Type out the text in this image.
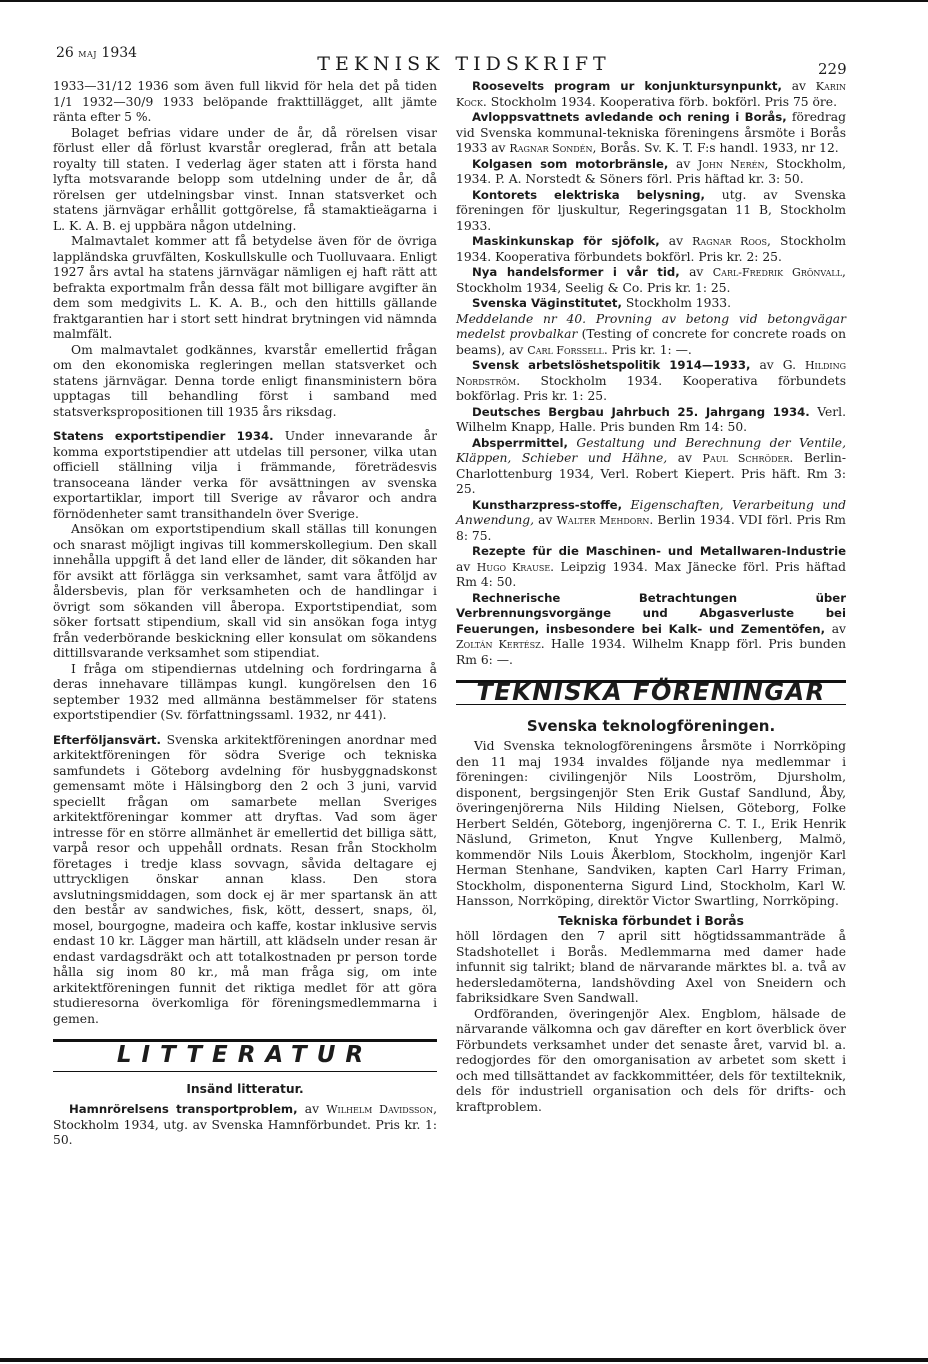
26 maj 1934	TEKNISK TIDSKRIFT	229

1933—31/12 1936 som även full likvid för hela det på tiden 1/1 1932—30/9 1933 belöpande frakttillägget, allt jämte ränta efter 5 %.

Bolaget befrias vidare under de år, då rörelsen visar förlust eller då förlust kvarstår oreglerad, från att betala royalty till staten. I vederlag äger staten att i första hand lyfta motsvarande belopp som utdelning under de år, då rörelsen ger utdelningsbar vinst. Innan statsverket och statens järnvägar erhållit gottgörelse, få stamaktieägarna i L. K. A. B. ej uppbära någon utdelning.

Malmavtalet kommer att få betydelse även för de övriga lappländska gruvfälten, Koskullskulle och Tuolluvaara. Enligt 1927 års avtal ha statens järnvägar nämligen ej haft rätt att befrakta exportmalm från dessa fält mot billigare avgifter än dem som medgivits L. K. A. B., och den hittills gällande fraktgarantien har i stort sett hindrat brytningen vid nämnda malmfält.

Om malmavtalet godkännes, kvarstår emellertid frågan om den ekonomiska regleringen mellan statsverket och statens järnvägar. Denna torde enligt finansministern böra upptagas till behandling först i samband med statsverkspropositionen till 1935 års riksdag.

Statens exportstipendier 1934. Under innevarande år komma exportstipendier att utdelas till personer, vilka utan officiell ställning vilja i främmande, företrädesvis transoceana länder verka för avsättningen av svenska exportartiklar, import till Sverige av råvaror och andra förnödenheter samt transithandeln över Sverige.

Ansökan om exportstipendium skall ställas till konungen och snarast möjligt ingivas till kommerskollegium. Den skall innehålla uppgift å det land eller de länder, dit sökanden har för avsikt att förlägga sin verksamhet, samt vara åtföljd av åldersbevis, plan för verksamheten och de handlingar i övrigt som sökanden vill åberopa. Exportstipendiat, som söker fortsatt stipendium, skall vid sin ansökan foga intyg från vederbörande beskickning eller konsulat om sökandens dittillsvarande verksamhet som stipendiat.

I fråga om stipendiernas utdelning och fordringarna å deras innehavare tillämpas kungl. kungörelsen den 16 september 1932 med allmänna bestämmelser för statens exportstipendier (Sv. författningssaml. 1932, nr 441).

Efterföljansvärt. Svenska arkitektföreningen anordnar med arkitektföreningen för södra Sverige och tekniska samfundets i Göteborg avdelning för husbyggnadskonst gemensamt möte i Hälsingborg den 2 och 3 juni, varvid speciellt frågan om samarbete mellan Sveriges arkitektföreningar kommer att dryftas. Vad som äger intresse för en större allmänhet är emellertid det billiga sätt, varpå resor och uppehåll ordnats. Resan från Stockholm företages i tredje klass sovvagn, såvida deltagare ej uttryckligen önskar annan klass. Den stora avslutningsmiddagen, som dock ej är mer spartansk än att den består av sandwiches, fisk, kött, dessert, snaps, öl, mosel, bourgogne, madeira och kaffe, kostar inklusive servis endast 10 kr. Lägger man härtill, att klädseln under resan är endast vardagsdräkt och att totalkostnaden pr person torde hålla sig inom 80 kr., må man fråga sig, om inte arkitektföreningen funnit det riktiga medlet för att göra studieresorna överkomliga för föreningsmedlemmarna i gemen.

LITTERATUR
Insänd litteratur.

Hamnrörelsens transportproblem, av Wilhelm Davidsson, Stockholm 1934, utg. av Svenska Hamnförbundet. Pris kr. 1: 50.

Roosevelts program ur konjunktursynpunkt, av Karin Kock. Stockholm 1934. Kooperativa förb. bokförl. Pris 75 öre.

Avloppsvattnets avledande och rening i Borås, föredrag vid Svenska kommunal-tekniska föreningens årsmöte i Borås 1933 av Ragnar Sondén, Borås. Sv. K. T. F:s handl. 1933, nr 12.

Kolgasen som motorbränsle, av John Nerén, Stockholm, 1934. P. A. Norstedt & Söners förl. Pris häftad kr. 3: 50.

Kontorets elektriska belysning, utg. av Svenska föreningen för ljuskultur, Regeringsgatan 11 B, Stockholm 1933.

Maskinkunskap för sjöfolk, av Ragnar Roos, Stockholm 1934. Kooperativa förbundets bokförl. Pris kr. 2: 25.

Nya handelsformer i vår tid, av Carl-Fredrik Grönvall, Stockholm 1934, Seelig & Co. Pris kr. 1: 25.

Svenska Väginstitutet, Stockholm 1933.

Meddelande nr 40. Provning av betong vid betongvägar medelst provbalkar (Testing of concrete for concrete roads on beams), av Carl Forssell. Pris kr. 1: —.

Svensk arbetslöshetspolitik 1914—1933, av G. Hilding Nordström. Stockholm 1934. Kooperativa förbundets bokförlag. Pris kr. 1: 25.

Deutsches Bergbau Jahrbuch 25. Jahrgang 1934. Verl. Wilhelm Knapp, Halle. Pris bunden Rm 14: 50.

Absperrmittel, Gestaltung und Berechnung der Ventile, Kläppen, Schieber und Hähne, av Paul Schröder. Berlin-Charlottenburg 1934, Verl. Robert Kiepert. Pris häft. Rm 3: 25.

Kunstharzpress-stoffe, Eigenschaften, Verarbeitung und Anwendung, av Walter Mehdorn. Berlin 1934. VDI förl. Pris Rm 8: 75.

Rezepte für die Maschinen- und Metallwaren-Industrie av Hugo Krause. Leipzig 1934. Max Jänecke förl. Pris häftad Rm 4: 50.

Rechnerische Betrachtungen über Verbrennungsvorgänge und Abgasverluste bei Feuerungen, insbesondere bei Kalk- und Zementöfen, av Zoltán Kertész. Halle 1934. Wilhelm Knapp förl. Pris bunden Rm 6: —.

TEKNISKA FÖRENINGAR
Svenska teknologföreningen.

Vid Svenska teknologföreningens årsmöte i Norrköping den 11 maj 1934 invaldes följande nya medlemmar i föreningen: civilingenjör Nils Looström, Djursholm, disponent, bergsingenjör Sten Erik Gustaf Sandlund, Åby, överingenjörerna Nils Hilding Nielsen, Göteborg, Folke Herbert Seldén, Göteborg, ingenjörerna C. T. I., Erik Henrik Näslund, Grimeton, Knut Yngve Kullenberg, Malmö, kommendör Nils Louis Åkerblom, Stockholm, ingenjör Karl Herman Stenhane, Sandviken, kapten Carl Harry Friman, Stockholm, disponenterna Sigurd Lind, Stockholm, Karl W. Hansson, Norrköping, direktör Victor Swartling, Norrköping.

Tekniska förbundet i Borås

höll lördagen den 7 april sitt högtidssammanträde å Stadshotellet i Borås. Medlemmarna med damer hade infunnit sig talrikt; bland de närvarande märktes bl. a. två av hedersledamöterna, landshövding Axel von Sneidern och fabriksidkare Sven Sandwall.

Ordföranden, överingenjör Alex. Engblom, hälsade de närvarande välkomna och gav därefter en kort överblick över Förbundets verksamhet under det senaste året, varvid bl. a. redogjordes för den omorganisation av arbetet som skett i och med tillsättandet av fackkommittéer, dels för textilteknik, dels för industriell organisation och dels för drifts- och kraftproblem.
